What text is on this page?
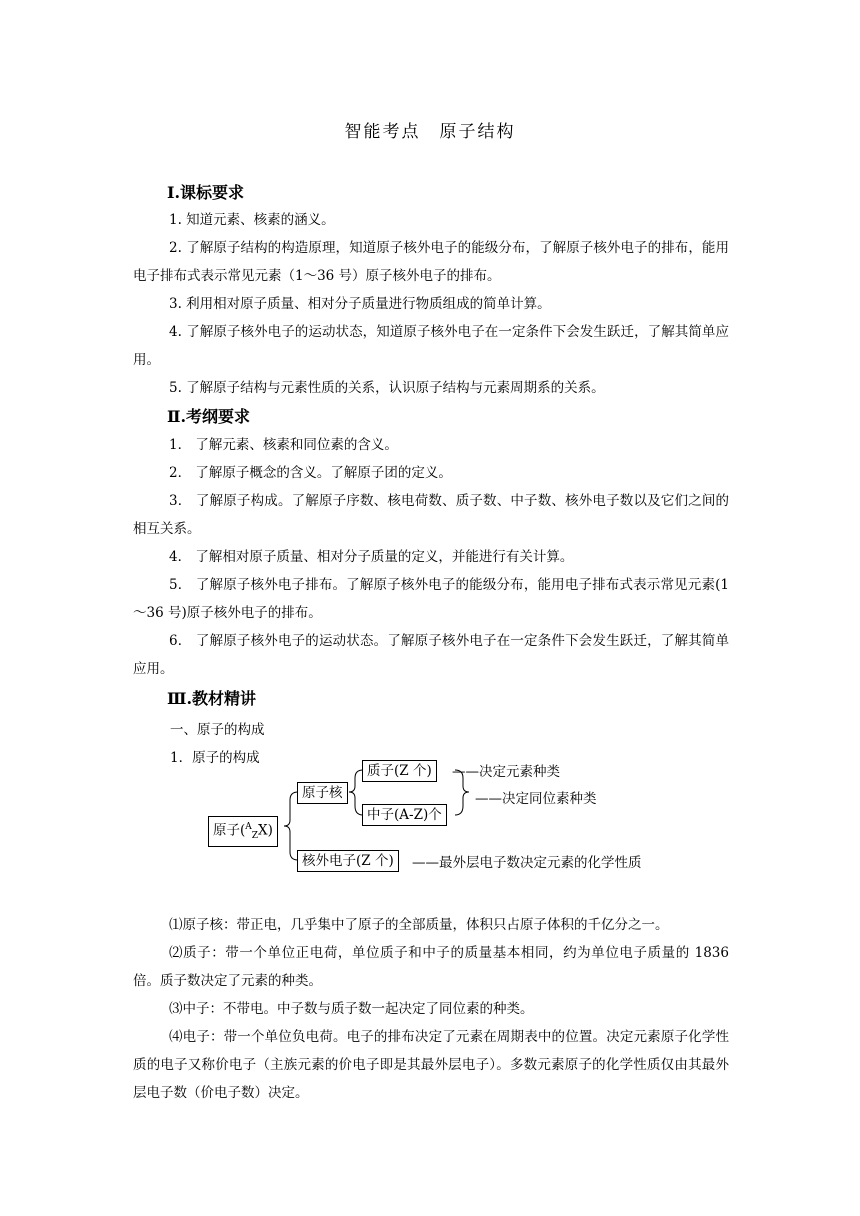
智能考点　原子结构
I.课标要求
1. 知道元素、核素的涵义。
2. 了解原子结构的构造原理，知道原子核外电子的能级分布，了解原子核外电子的排布，能用电子排布式表示常见元素（1～36 号）原子核外电子的排布。
3. 利用相对原子质量、相对分子质量进行物质组成的简单计算。
4. 了解原子核外电子的运动状态，知道原子核外电子在一定条件下会发生跃迁，了解其简单应用。
5. 了解原子结构与元素性质的关系，认识原子结构与元素周期系的关系。
Ⅱ.考纲要求
1． 了解元素、核素和同位素的含义。
2． 了解原子概念的含义。了解原子团的定义。
3． 了解原子构成。了解原子序数、核电荷数、质子数、中子数、核外电子数以及它们之间的相互关系。
4． 了解相对原子质量、相对分子质量的定义，并能进行有关计算。
5． 了解原子核外电子排布。了解原子核外电子的能级分布，能用电子排布式表示常见元素(1～36 号)原子核外电子的排布。
6． 了解原子核外电子的运动状态。了解原子核外电子在一定条件下会发生跃迁，了解其简单应用。
Ⅲ.教材精讲
一、原子的构成
1．原子的构成
原子($^A_Z$X)
原子核
质子(Z 个)
中子(A-Z)个
核外电子(Z 个)
——决定元素种类
——决定同位素种类
——最外层电子数决定元素的化学性质
⑴原子核：带正电，几乎集中了原子的全部质量，体积只占原子体积的千亿分之一。
⑵质子：带一个单位正电荷，单位质子和中子的质量基本相同，约为单位电子质量的 1836 倍。质子数决定了元素的种类。
⑶中子：不带电。中子数与质子数一起决定了同位素的种类。
⑷电子：带一个单位负电荷。电子的排布决定了元素在周期表中的位置。决定元素原子化学性质的电子又称价电子（主族元素的价电子即是其最外层电子）。多数元素原子的化学性质仅由其最外层电子数（价电子数）决定。
